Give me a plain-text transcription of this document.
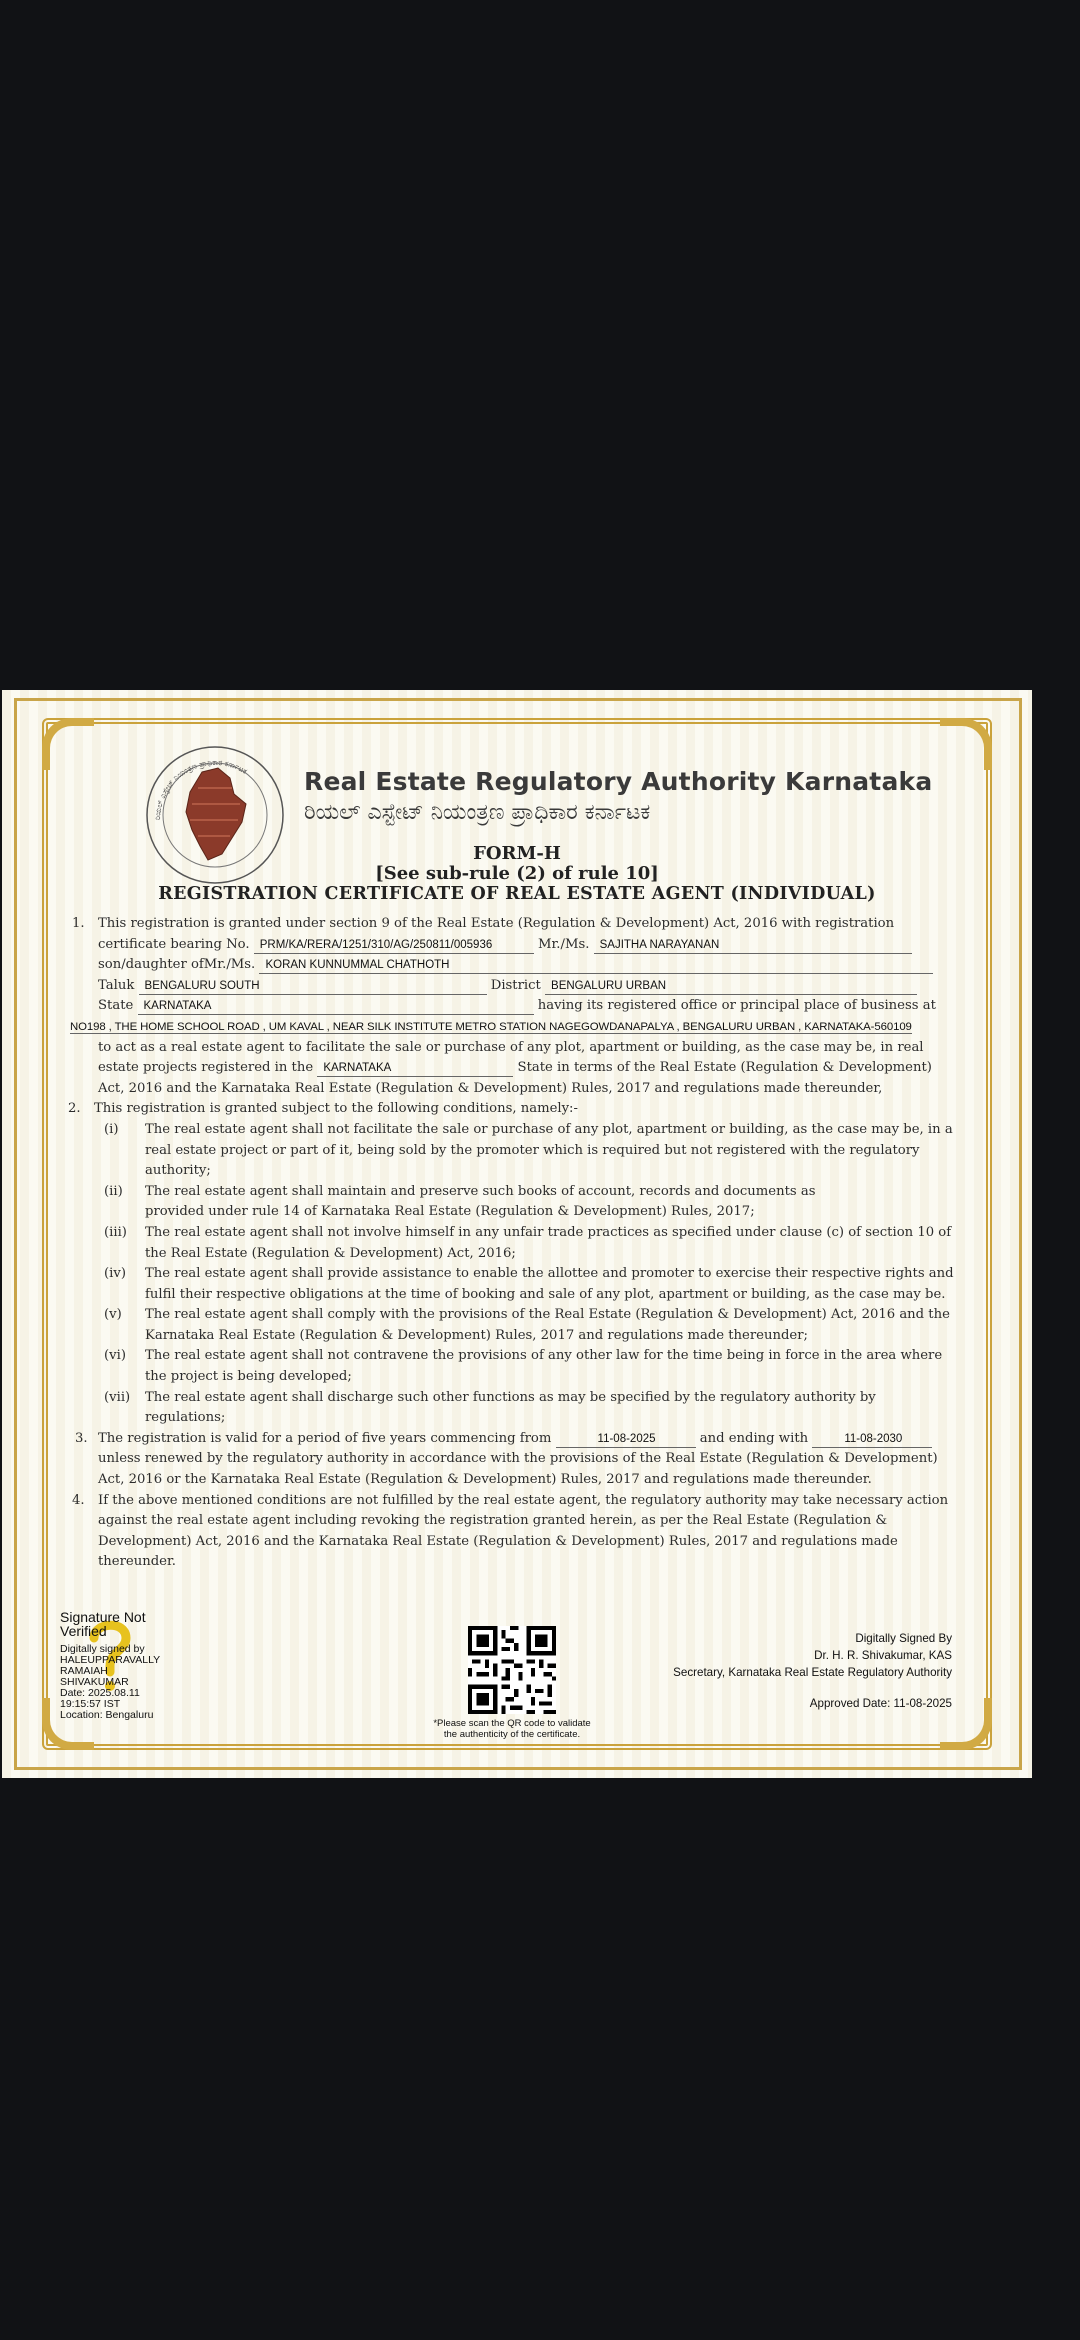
ರಿಯಲ್ ಎಸ್ಟೇಟ್ ನಿಯಂತ್ರಣ ಪ್ರಾಧಿಕಾರ ಕರ್ನಾಟಕ Real Estate Regulatory Authority Karnataka
ರಿಯಲ್ ಎಸ್ಟೇಟ್ ನಿಯಂತ್ರಣ ಪ್ರಾಧಿಕಾರ ಕರ್ನಾಟಕ
FORM-H
[See sub-rule (2) of rule 10]
REGISTRATION CERTIFICATE OF REAL ESTATE AGENT (INDIVIDUAL)
1. This registration is granted under section 9 of the Real Estate (Regulation & Development) Act, 2016 with registration
certificate bearing No. PRM/KA/RERA/1251/310/AG/250811/005936	Mr./Ms. SAJITHA NARAYANAN
son/daughter ofMr./Ms. KORAN KUNNUMMAL CHATHOTH
Taluk BENGALURU SOUTH	District BENGALURU URBAN
State KARNATAKA	having its registered office or principal place of business at
NO198 , THE HOME SCHOOL ROAD , UM KAVAL , NEAR SILK INSTITUTE METRO STATION NAGEGOWDANAPALYA , BENGALURU URBAN , KARNATAKA-560109
to act as a real estate agent to facilitate the sale or purchase of any plot, apartment or building, as the case may be, in real
estate projects registered in the KARNATAKA	State in terms of the Real Estate (Regulation & Development)
Act, 2016 and the Karnataka Real Estate (Regulation & Development) Rules, 2017 and regulations made thereunder,
2. This registration is granted subject to the following conditions, namely:-
(i) The real estate agent shall not facilitate the sale or purchase of any plot, apartment or building, as the case may be, in a real estate project or part of it, being sold by the promoter which is required but not registered with the regulatory authority;
(ii) The real estate agent shall maintain and preserve such books of account, records and documents as provided under rule 14 of Karnataka Real Estate (Regulation & Development) Rules, 2017;
(iii) The real estate agent shall not involve himself in any unfair trade practices as specified under clause (c) of section 10 of the Real Estate (Regulation & Development) Act, 2016;
(iv) The real estate agent shall provide assistance to enable the allottee and promoter to exercise their respective rights and fulfil their respective obligations at the time of booking and sale of any plot, apartment or building, as the case may be.
(v) The real estate agent shall comply with the provisions of the Real Estate (Regulation & Development) Act, 2016 and the Karnataka Real Estate (Regulation & Development) Rules, 2017 and regulations made thereunder;
(vi) The real estate agent shall not contravene the provisions of any other law for the time being in force in the area where the project is being developed;
(vii) The real estate agent shall discharge such other functions as may be specified by the regulatory authority by regulations;
3. The registration is valid for a period of five years commencing from	11-08-2025	and ending with	11-08-2030
unless renewed by the regulatory authority in accordance with the provisions of the Real Estate (Regulation & Development) Act, 2016 or the Karnataka Real Estate (Regulation & Development) Rules, 2017 and regulations made thereunder.
4. If the above mentioned conditions are not fulfilled by the real estate agent, the regulatory authority may take necessary action against the real estate agent including revoking the registration granted herein, as per the Real Estate (Regulation & Development) Act, 2016 and the Karnataka Real Estate (Regulation & Development) Rules, 2017 and regulations made thereunder.
Signature Not
Verified
Digitally signed by
HALEUPPARAVALLY
RAMAIAH
SHIVAKUMAR
Date: 2025.08.11
19:15:57 IST
Location: Bengaluru
*Please scan the QR code to validate
the authenticity of the certificate.
Digitally Signed By
Dr. H. R. Shivakumar, KAS
Secretary, Karnataka Real Estate Regulatory Authority
Approved Date: 11-08-2025
